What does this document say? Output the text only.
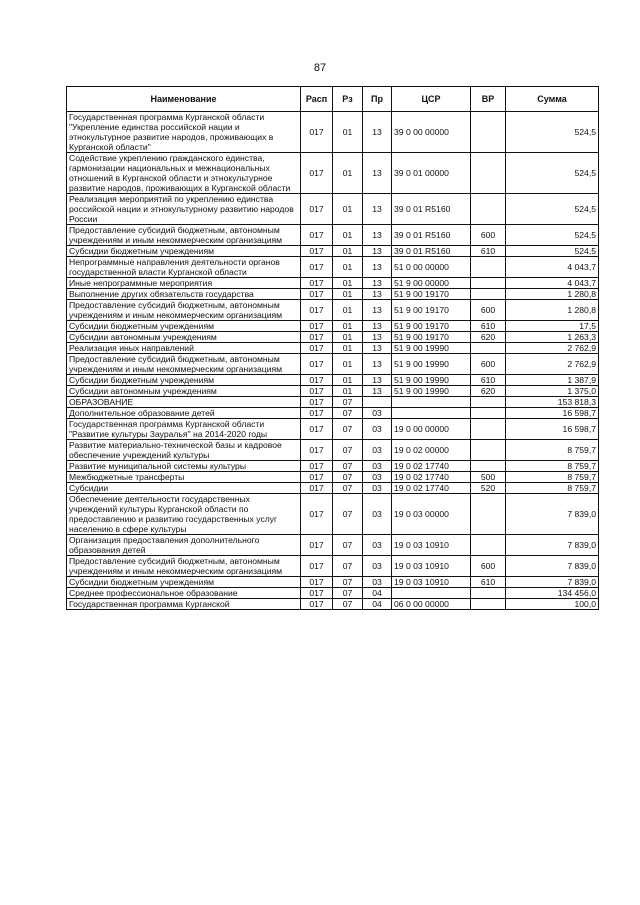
87
Наименование	Расп	Рз	Пр	ЦСР	ВР	Сумма
Государственная программа Курганской области "Укрепление единства российской нации и этнокультурное развитие народов, проживающих в Курганской области"	017	01	13	39 0 00 00000		524,5
Содействие укреплению гражданского единства, гармонизации национальных и межнациональных отношений в Курганской области и этнокультурное развитие народов, проживающих в Курганской области	017	01	13	39 0 01 00000		524,5
Реализация мероприятий по укреплению единства российской нации и этнокультурному развитию народов России	017	01	13	39 0 01 R5160		524,5
Предоставление субсидий бюджетным, автономным учреждениям и иным некоммерческим организациям	017	01	13	39 0 01 R5160	600	524,5
Субсидии бюджетным учреждениям	017	01	13	39 0 01 R5160	610	524,5
Непрограммные направления деятельности органов государственной власти Курганской области	017	01	13	51 0 00 00000		4 043,7
Иные непрограммные мероприятия	017	01	13	51 9 00 00000		4 043,7
Выполнение других обязательств государства	017	01	13	51 9 00 19170		1 280,8
Предоставление субсидий бюджетным, автономным учреждениям и иным некоммерческим организациям	017	01	13	51 9 00 19170	600	1 280,8
Субсидии бюджетным учреждениям	017	01	13	51 9 00 19170	610	17,5
Субсидии автономным учреждениям	017	01	13	51 9 00 19170	620	1 263,3
Реализация иных направлений	017	01	13	51 9 00 19990		2 762,9
Предоставление субсидий бюджетным, автономным учреждениям и иным некоммерческим организациям	017	01	13	51 9 00 19990	600	2 762,9
Субсидии бюджетным учреждениям	017	01	13	51 9 00 19990	610	1 387,9
Субсидии автономным учреждениям	017	01	13	51 9 00 19990	620	1 375,0
ОБРАЗОВАНИЕ	017	07				153 818,3
Дополнительное образование детей	017	07	03			16 598,7
Государственная программа Курганской области "Развитие культуры Зауралья" на 2014-2020 годы	017	07	03	19 0 00 00000		16 598,7
Развитие материально-технической базы и кадровое обеспечение учреждений культуры	017	07	03	19 0 02 00000		8 759,7
Развитие муниципальной системы культуры	017	07	03	19 0 02 17740		8 759,7
Межбюджетные трансферты	017	07	03	19 0 02 17740	500	8 759,7
Субсидии	017	07	03	19 0 02 17740	520	8 759,7
Обеспечение деятельности государственных учреждений культуры Курганской области по предоставлению и развитию государственных услуг населению в сфере культуры	017	07	03	19 0 03 00000		7 839,0
Организация предоставления дополнительного образования детей	017	07	03	19 0 03 10910		7 839,0
Предоставление субсидий бюджетным, автономным учреждениям и иным некоммерческим организациям	017	07	03	19 0 03 10910	600	7 839,0
Субсидии бюджетным учреждениям	017	07	03	19 0 03 10910	610	7 839,0
Среднее профессиональное образование	017	07	04			134 456,0
Государственная программа Курганской	017	07	04	06 0 00 00000		100,0
